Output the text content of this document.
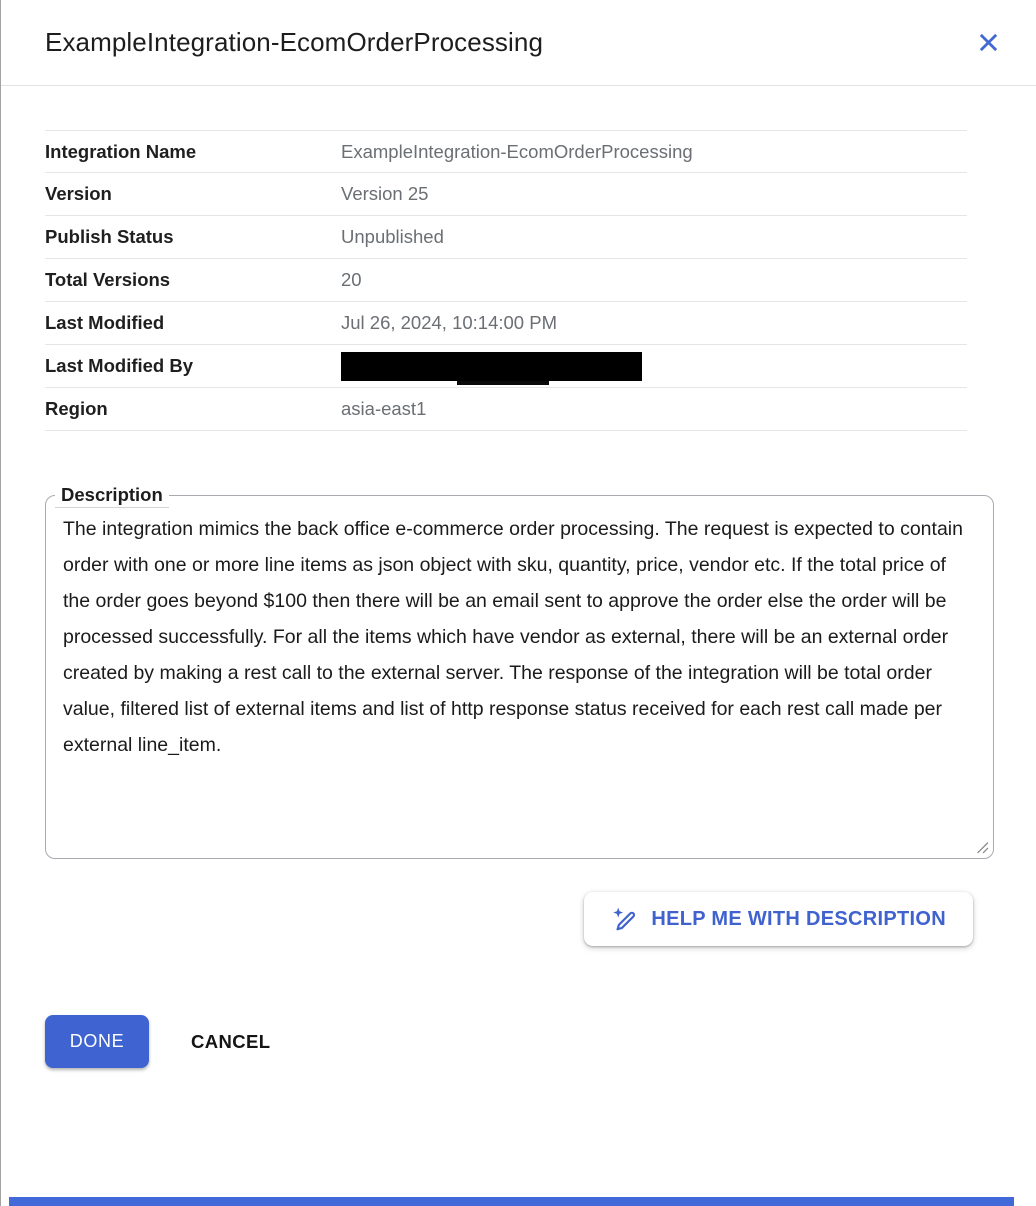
ExampleIntegration-EcomOrderProcessing
Integration Name	ExampleIntegration-EcomOrderProcessing
Version	Version 25
Publish Status	Unpublished
Total Versions	20
Last Modified	Jul 26, 2024, 10:14:00 PM
Last Modified By
Region	asia-east1
Description
The integration mimics the back office e-commerce order processing. The request is expected to contain order with one or more line items as json object with sku, quantity, price, vendor etc. If the total price of the order goes beyond $100 then there will be an email sent to approve the order else the order will be processed successfully. For all the items which have vendor as external, there will be an external order created by making a rest call to the external server. The response of the integration will be total order value, filtered list of external items and list of http response status received for each rest call made per external line_item.
HELP ME WITH DESCRIPTION
DONE	CANCEL
